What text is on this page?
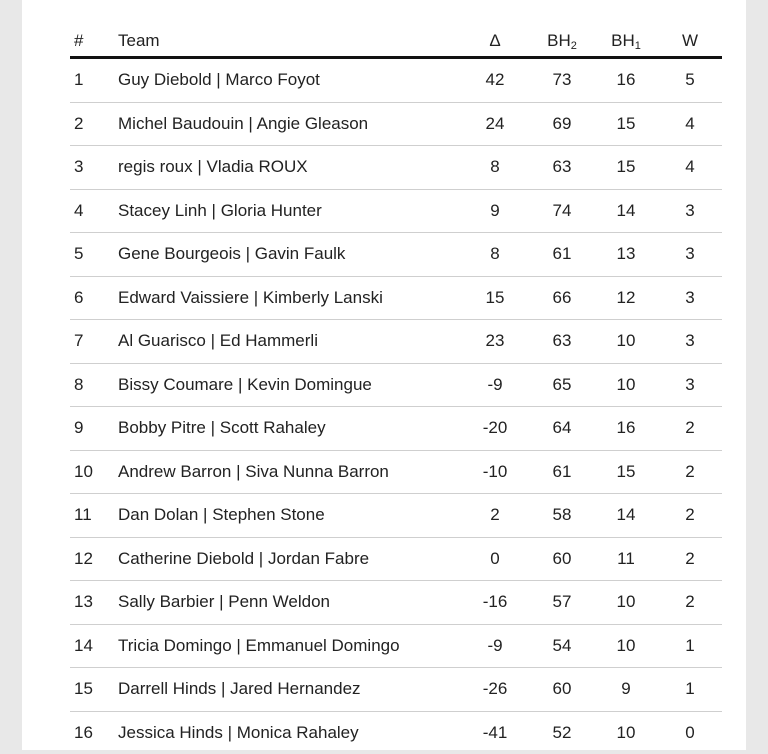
#	Team	Δ	$BH_2$	$BH_1$	W
1	Guy Diebold | Marco Foyot	42	73	16	5
2	Michel Baudouin | Angie Gleason	24	69	15	4
3	regis roux | Vladia ROUX	8	63	15	4
4	Stacey Linh | Gloria Hunter	9	74	14	3
5	Gene Bourgeois | Gavin Faulk	8	61	13	3
6	Edward Vaissiere | Kimberly Lanski	15	66	12	3
7	Al Guarisco | Ed Hammerli	23	63	10	3
8	Bissy Coumare | Kevin Domingue	-9	65	10	3
9	Bobby Pitre | Scott Rahaley	-20	64	16	2
10	Andrew Barron | Siva Nunna Barron	-10	61	15	2
11	Dan Dolan | Stephen Stone	2	58	14	2
12	Catherine Diebold | Jordan Fabre	0	60	11	2
13	Sally Barbier | Penn Weldon	-16	57	10	2
14	Tricia Domingo | Emmanuel Domingo	-9	54	10	1
15	Darrell Hinds | Jared Hernandez	-26	60	9	1
16	Jessica Hinds | Monica Rahaley	-41	52	10	0
